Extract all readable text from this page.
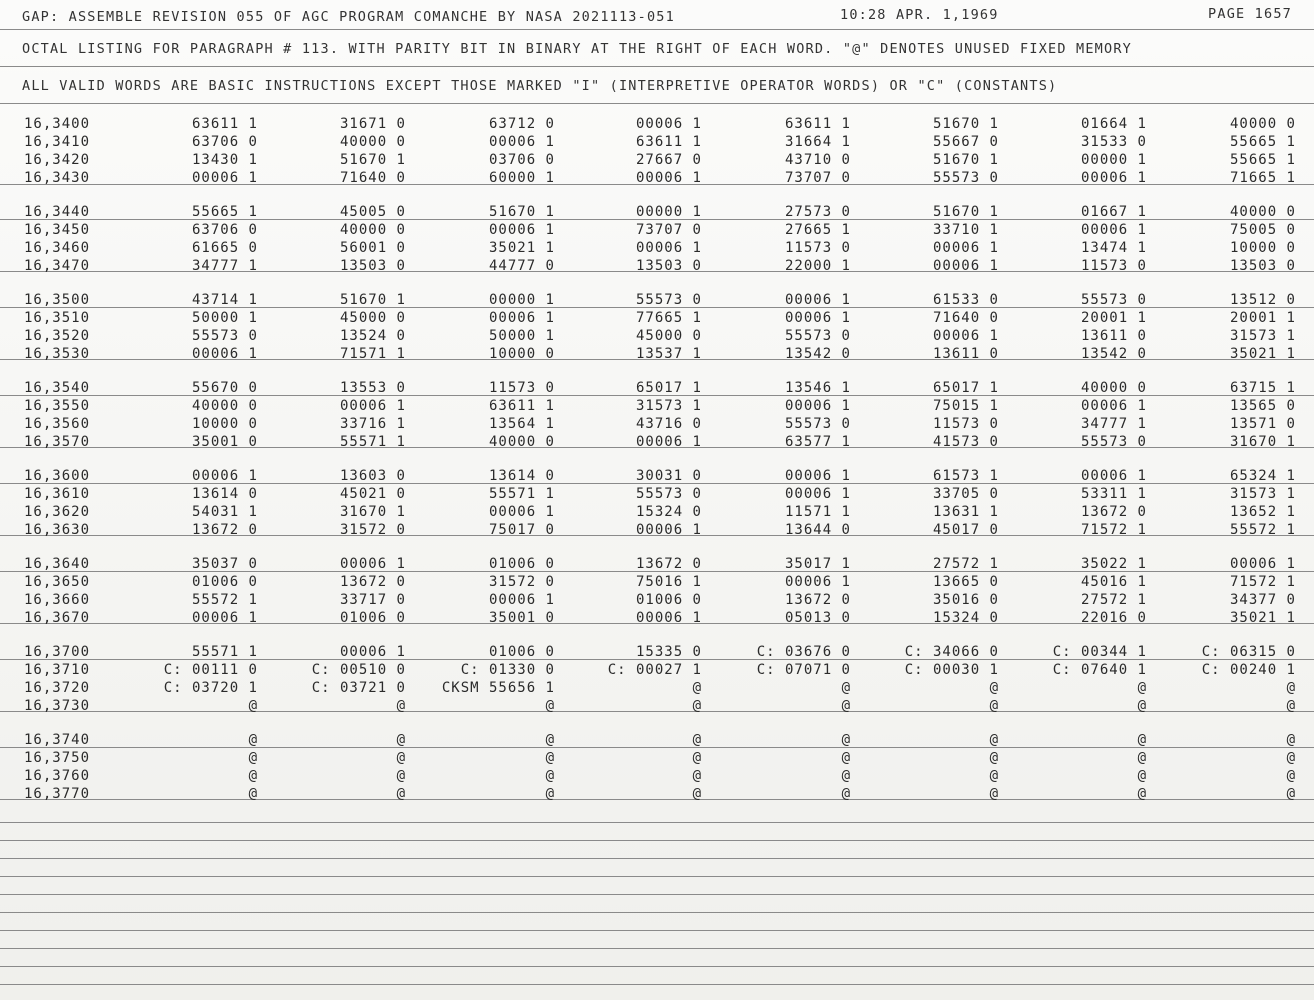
GAP: ASSEMBLE REVISION 055 OF AGC PROGRAM COMANCHE BY NASA 2021113-051	10:28 APR. 1,1969	PAGE 1657
OCTAL LISTING FOR PARAGRAPH # 113. WITH PARITY BIT IN BINARY AT THE RIGHT OF EACH WORD. "@" DENOTES UNUSED FIXED MEMORY
ALL VALID WORDS ARE BASIC INSTRUCTIONS EXCEPT THOSE MARKED "I" (INTERPRETIVE OPERATOR WORDS) OR "C" (CONSTANTS)
16,3400	63611 1	31671 0	63712 0	00006 1	63611 1	51670 1	01664 1	40000 0
16,3410	63706 0	40000 0	00006 1	63611 1	31664 1	55667 0	31533 0	55665 1
16,3420	13430 1	51670 1	03706 0	27667 0	43710 0	51670 1	00000 1	55665 1
16,3430	00006 1	71640 0	60000 1	00006 1	73707 0	55573 0	00006 1	71665 1
16,3440	55665 1	45005 0	51670 1	00000 1	27573 0	51670 1	01667 1	40000 0
16,3450	63706 0	40000 0	00006 1	73707 0	27665 1	33710 1	00006 1	75005 0
16,3460	61665 0	56001 0	35021 1	00006 1	11573 0	00006 1	13474 1	10000 0
16,3470	34777 1	13503 0	44777 0	13503 0	22000 1	00006 1	11573 0	13503 0
16,3500	43714 1	51670 1	00000 1	55573 0	00006 1	61533 0	55573 0	13512 0
16,3510	50000 1	45000 0	00006 1	77665 1	00006 1	71640 0	20001 1	20001 1
16,3520	55573 0	13524 0	50000 1	45000 0	55573 0	00006 1	13611 0	31573 1
16,3530	00006 1	71571 1	10000 0	13537 1	13542 0	13611 0	13542 0	35021 1
16,3540	55670 0	13553 0	11573 0	65017 1	13546 1	65017 1	40000 0	63715 1
16,3550	40000 0	00006 1	63611 1	31573 1	00006 1	75015 1	00006 1	13565 0
16,3560	10000 0	33716 1	13564 1	43716 0	55573 0	11573 0	34777 1	13571 0
16,3570	35001 0	55571 1	40000 0	00006 1	63577 1	41573 0	55573 0	31670 1
16,3600	00006 1	13603 0	13614 0	30031 0	00006 1	61573 1	00006 1	65324 1
16,3610	13614 0	45021 0	55571 1	55573 0	00006 1	33705 0	53311 1	31573 1
16,3620	54031 1	31670 1	00006 1	15324 0	11571 1	13631 1	13672 0	13652 1
16,3630	13672 0	31572 0	75017 0	00006 1	13644 0	45017 0	71572 1	55572 1
16,3640	35037 0	00006 1	01006 0	13672 0	35017 1	27572 1	35022 1	00006 1
16,3650	01006 0	13672 0	31572 0	75016 1	00006 1	13665 0	45016 1	71572 1
16,3660	55572 1	33717 0	00006 1	01006 0	13672 0	35016 0	27572 1	34377 0
16,3670	00006 1	01006 0	35001 0	00006 1	05013 0	15324 0	22016 0	35021 1
16,3700	55571 1	00006 1	01006 0	15335 0	C: 03676 0	C: 34066 0	C: 00344 1	C: 06315 0
16,3710	C: 00111 0	C: 00510 0	C: 01330 0	C: 00027 1	C: 07071 0	C: 00030 1	C: 07640 1	C: 00240 1
16,3720	C: 03720 1	C: 03721 0	CKSM 55656 1	@	@	@	@	@
16,3730	@	@	@	@	@	@	@	@
16,3740	@	@	@	@	@	@	@	@
16,3750	@	@	@	@	@	@	@	@
16,3760	@	@	@	@	@	@	@	@
16,3770	@	@	@	@	@	@	@	@
